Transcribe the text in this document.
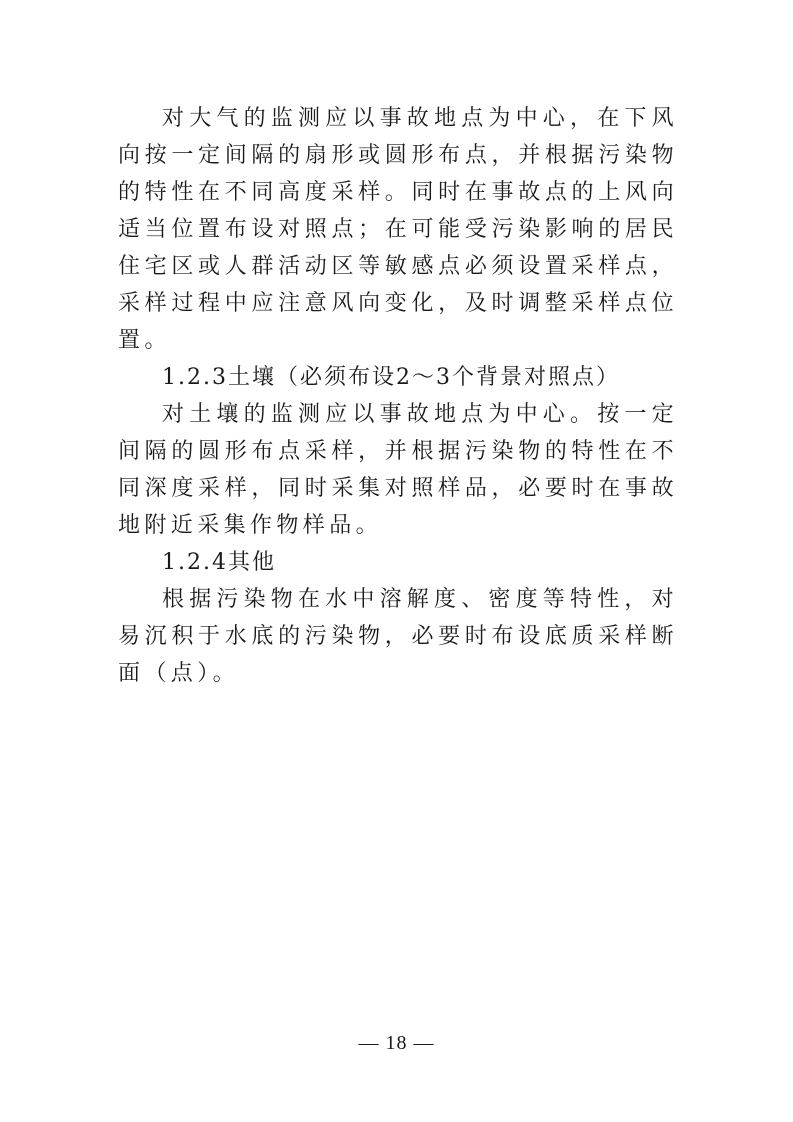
对大气的监测应以事故地点为中心，在下风向按一定间隔的扇形或圆形布点，并根据污染物的特性在不同高度采样。同时在事故点的上风向适当位置布设对照点；在可能受污染影响的居民住宅区或人群活动区等敏感点必须设置采样点，采样过程中应注意风向变化，及时调整采样点位置。

1.2.3土壤（必须布设2～3个背景对照点）

对土壤的监测应以事故地点为中心。按一定间隔的圆形布点采样，并根据污染物的特性在不同深度采样，同时采集对照样品，必要时在事故地附近采集作物样品。

1.2.4其他

根据污染物在水中溶解度、密度等特性，对易沉积于水底的污染物，必要时布设底质采样断面（点）。

— 18 —
